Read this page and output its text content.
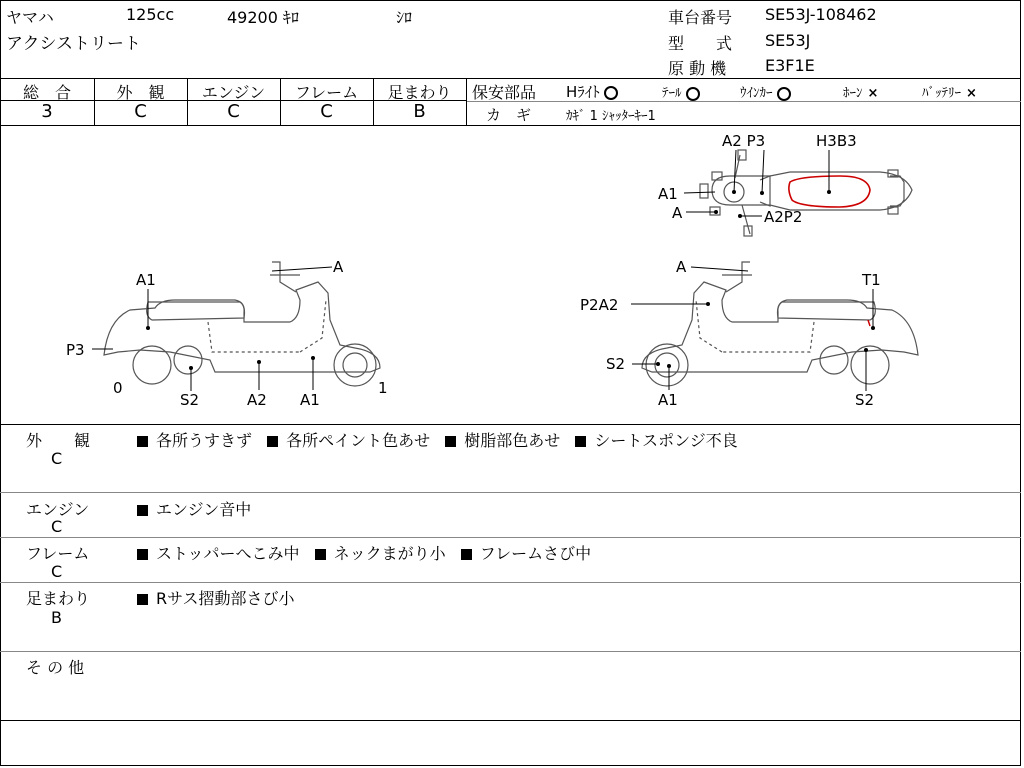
ヤマハ	125cc	49200 ｷﾛ	ｼﾛ
アクシストリート
車台番号 SE53J-108462
型　　式 SE53J
原 動 機 E3F1E
総　合	外　観	エンジン	フレーム	足まわり
3	C	C	C	B
保安部品 Hﾗｲﾄ	ﾃｰﾙ	ｳｲﾝｶｰ	ﾎｰﾝ ×	ﾊﾞｯﾃﾘｰ ×
カ　ギ	ｶｷﾞ 1 ｼｬｯﾀｰｷｰ1
A2 P3	H3B3
A1
A	A2P2
A
A1
P3
0
S2	A2 A1
1
A
T1
P2A2
S2
A1	S2
外　　観
C
各所うすきず 各所ペイント色あせ 樹脂部色あせ シートスポンジ不良
エンジン
C
エンジン音中
フレーム
C
ストッパーへこみ中 ネックまがり小 フレームさび中
足まわり
B
Rサス摺動部さび小
そ の 他
